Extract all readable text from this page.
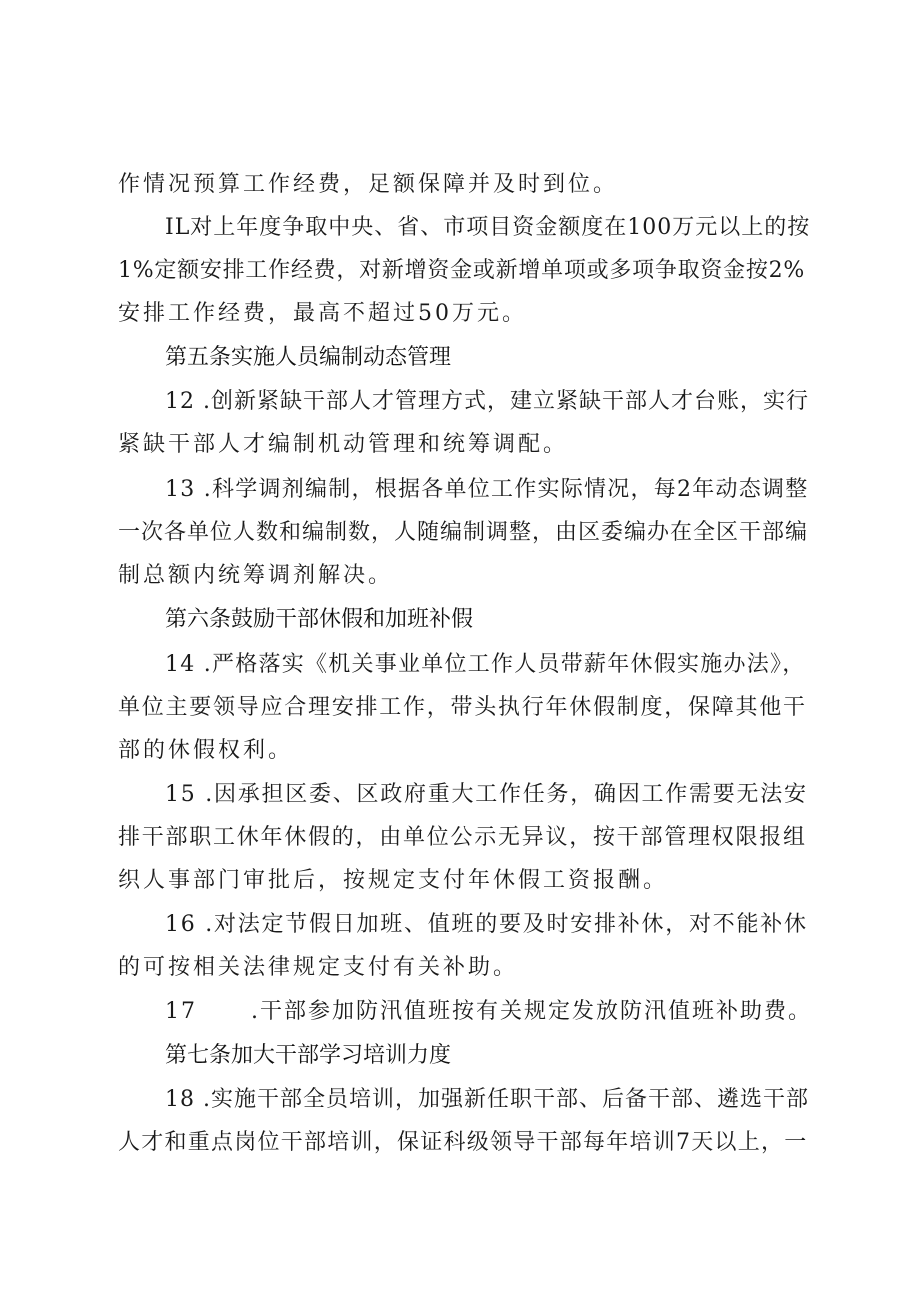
作情况预算工作经费，足额保障并及时到位。
IL对上年度争取中央、省、市项目资金额度在100万元以上的按
1%定额安排工作经费，对新增资金或新增单项或多项争取资金按2%
安排工作经费，最高不超过50万元。
第五条实施人员编制动态管理
12 .创新紧缺干部人才管理方式，建立紧缺干部人才台账，实行
紧缺干部人才编制机动管理和统筹调配。
13 .科学调剂编制，根据各单位工作实际情况，每2年动态调整
一次各单位人数和编制数，人随编制调整，由区委编办在全区干部编
制总额内统筹调剂解决。
第六条鼓励干部休假和加班补假
14 .严格落实《机关事业单位工作人员带薪年休假实施办法》，
单位主要领导应合理安排工作，带头执行年休假制度，保障其他干
部的休假权利。
15 .因承担区委、区政府重大工作任务，确因工作需要无法安
排干部职工休年休假的，由单位公示无异议，按干部管理权限报组
织人事部门审批后，按规定支付年休假工资报酬。
16 .对法定节假日加班、值班的要及时安排补休，对不能补休
的可按相关法律规定支付有关补助。
17      .干部参加防汛值班按有关规定发放防汛值班补助费。
第七条加大干部学习培训力度
18 .实施干部全员培训，加强新任职干部、后备干部、遴选干部
人才和重点岗位干部培训，保证科级领导干部每年培训7天以上，一
